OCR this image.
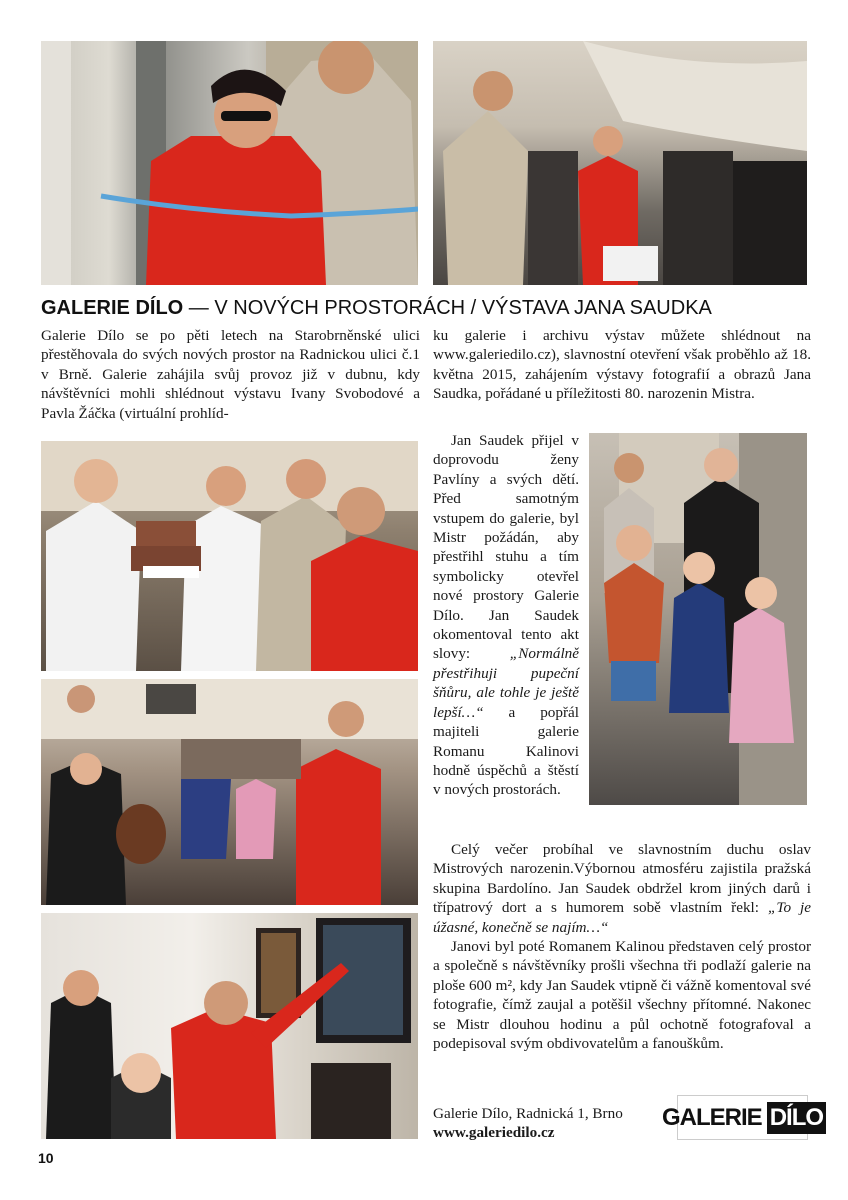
GALERIE DÍLO — V NOVÝCH PROSTORÁCH / VÝSTAVA JANA SAUDKA

Galerie Dílo se po pěti letech na Starobrněnské ulici přestěhovala do svých nových prostor na Radnickou ulici č.1 v Brně. Galerie zahájila svůj provoz již v dubnu, kdy návštěvníci mohli shlédnout výstavu Ivany Svobodové a Pavla Žáčka (virtuální prohlíd-

ku galerie i archivu výstav můžete shlédnout na www.galeriedilo.cz), slavnostní otevření však proběhlo až 18. května 2015, zahájením výstavy fotografií a obrazů Jana Saudka, pořádané u příležitosti 80. narozenin Mistra.

Jan Saudek přijel v doprovodu ženy Pavlíny a svých dětí. Před samotným vstupem do galerie, byl Mistr požádán, aby přestřihl stuhu a tím symbolicky otevřel nové prostory Galerie Dílo. Jan Saudek okomentoval tento akt slovy: „Normálně přestřihuji pupeční šňůru, ale tohle je ještě lepší…“ a popřál majiteli galerie Romanu Kalinovi hodně úspěchů a štěstí v nových prostorách.

Celý večer probíhal ve slavnostním duchu oslav Mistrových narozenin.Výbornou atmosféru zajistila pražská skupina Bardolíno. Jan Saudek obdržel krom jiných darů i třípatrový dort a s humorem sobě vlastním řekl: „To je úžasné, konečně se najím…“

Janovi byl poté Romanem Kalinou představen celý prostor a společně s návštěvníky prošli všechna tři podlaží galerie na ploše 600 m², kdy Jan Saudek vtipně či vážně komentoval své fotografie, čímž zaujal a potěšil všechny přítomné. Nakonec se Mistr dlouhou hodinu a půl ochotně fotografoval a podepisoval svým obdivovatelům a fanouškům.

Galerie Dílo, Radnická 1, Brno
www.galeriedilo.cz
GALERIE DÍLO
10
